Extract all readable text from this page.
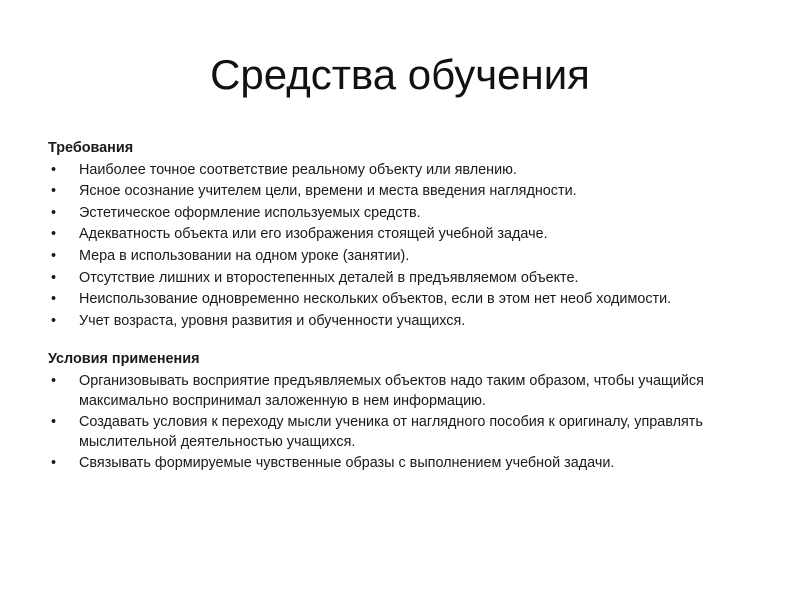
Средства обучения

Требования

• Наиболее точное соответствие реальному объекту или явлению.
• Ясное осознание учителем цели, времени и места введения наглядности.
• Эстетическое оформление используемых средств.
• Адекватность объекта или его изображения стоящей учебной задаче.
• Мера в использовании на одном уроке (занятии).
• Отсутствие лишних и второстепенных деталей в предъявляемом объекте.
• Неиспользование одновременно нескольких объектов, если в этом нет необ ходимости.
• Учет возраста, уровня развития и обученности учащихся.

Условия применения

• Организовывать восприятие предъявляемых объектов надо таким образом, чтобы учащийся максимально воспринимал заложенную в нем информацию.
• Создавать условия к переходу мысли ученика от наглядного пособия к оригиналу, управлять мыслительной деятельностью учащихся.
• Связывать формируемые чувственные образы с выполнением учебной задачи.
